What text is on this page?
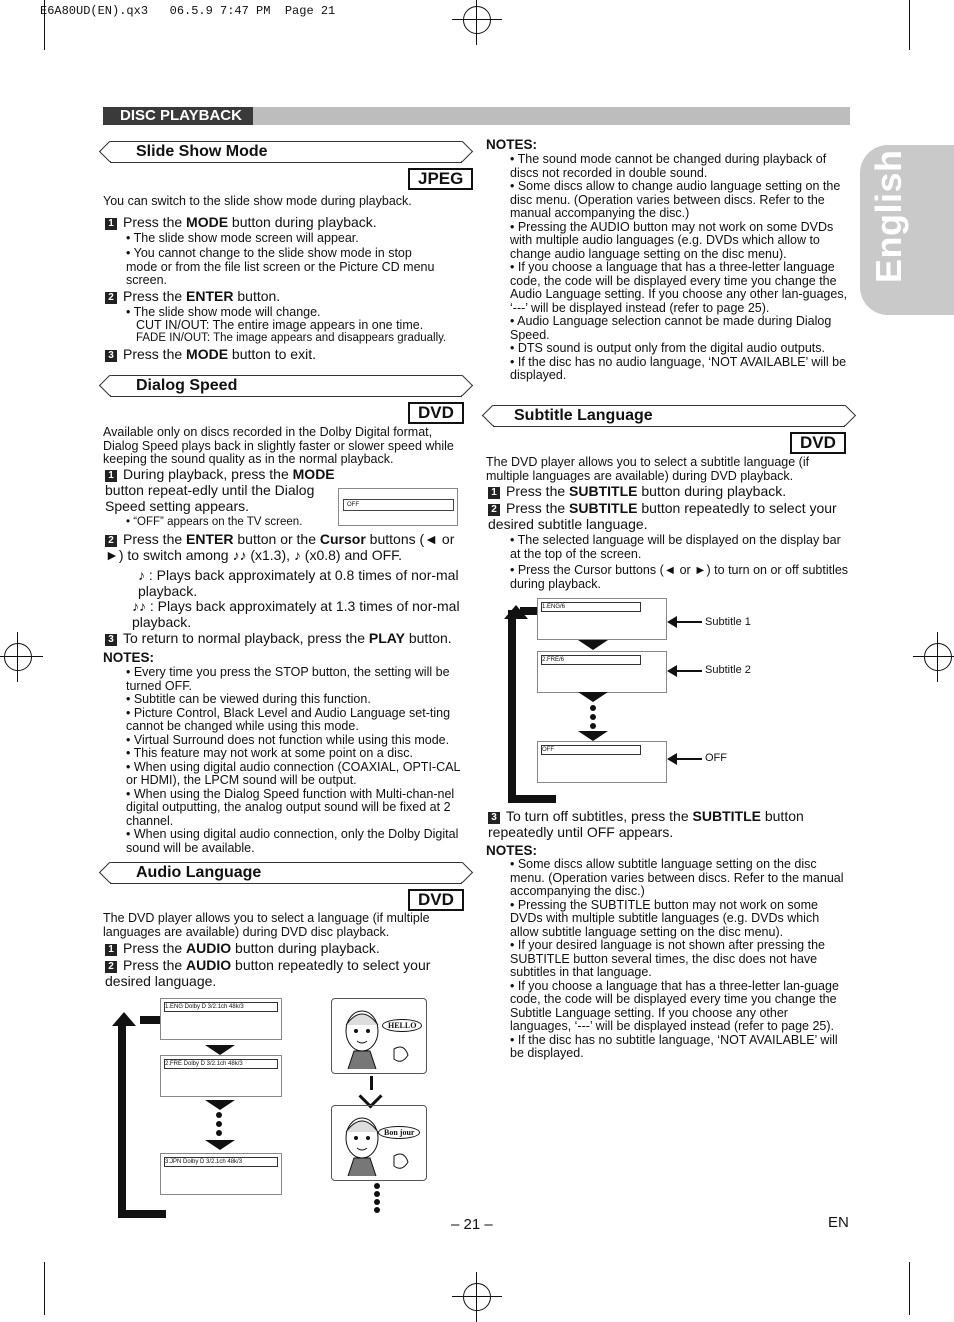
E6A80UD(EN).qx3   06.5.9 7:47 PM  Page 21
DISC PLAYBACK
English
Slide Show Mode
JPEG
You can switch to the slide show mode during playback.
1 Press the MODE button during playback.
• The slide show mode screen will appear.
• You cannot change to the slide show mode in stop mode or from the file list screen or the Picture CD menu screen.
2 Press the ENTER button.
• The slide show mode will change.
CUT IN/OUT: The entire image appears in one time.
FADE IN/OUT: The image appears and disappears gradually.
3 Press the MODE button to exit.
Dialog Speed
DVD
Available only on discs recorded in the Dolby Digital format, Dialog Speed plays back in slightly faster or slower speed while keeping the sound quality as in the normal playback.
1 During playback, press the MODE button repeat-edly until the Dialog Speed setting appears.	OFF
• “OFF” appears on the TV screen.
2 Press the ENTER button or the Cursor buttons (◄ or ►) to switch among ♪♪ (x1.3), ♪ (x0.8) and OFF.
♪ : Plays back approximately at 0.8 times of nor-mal playback.
♪♪ : Plays back approximately at 1.3 times of nor-mal playback.
3 To return to normal playback, press the PLAY button.
NOTES:
• Every time you press the STOP button, the setting will be turned OFF.
• Subtitle can be viewed during this function.
• Picture Control, Black Level and Audio Language set-ting cannot be changed while using this mode.
• Virtual Surround does not function while using this mode.
• This feature may not work at some point on a disc.
• When using digital audio connection (COAXIAL, OPTI-CAL or HDMI), the LPCM sound will be output.
• When using the Dialog Speed function with Multi-chan-nel digital outputting, the analog output sound will be fixed at 2 channel.
• When using digital audio connection, only the Dolby Digital sound will be available.
Audio Language
DVD
The DVD player allows you to select a language (if multiple languages are available) during DVD disc playback.
1 Press the AUDIO button during playback.
2 Press the AUDIO button repeatedly to select your desired language.
1.ENG Dolby D 3/2.1ch 48k/3
2.FRE Dolby D 3/2.1ch 48k/3
3.JPN Dolby D 3/2.1ch 48k/3
HELLO
Bon jour
NOTES:
• The sound mode cannot be changed during playback of discs not recorded in double sound.
• Some discs allow to change audio language setting on the disc menu. (Operation varies between discs. Refer to the manual accompanying the disc.)
• Pressing the AUDIO button may not work on some DVDs with multiple audio languages (e.g. DVDs which allow to change audio language setting on the disc menu).
• If you choose a language that has a three-letter language code, the code will be displayed every time you change the Audio Language setting. If you choose any other lan-guages, ‘---’ will be displayed instead (refer to page 25).
• Audio Language selection cannot be made during Dialog Speed.
• DTS sound is output only from the digital audio outputs.
• If the disc has no audio language, ‘NOT AVAILABLE’ will be displayed.
Subtitle Language
DVD
The DVD player allows you to select a subtitle language (if multiple languages are available) during DVD playback.
1 Press the SUBTITLE button during playback.
2 Press the SUBTITLE button repeatedly to select your desired subtitle language.
• The selected language will be displayed on the display bar at the top of the screen.
• Press the Cursor buttons (◄ or ►) to turn on or off subtitles during playback.
1.ENG/6
2.FRE/6
OFF
Subtitle 1
Subtitle 2
OFF
3 To turn off subtitles, press the SUBTITLE button repeatedly until OFF appears.
NOTES:
• Some discs allow subtitle language setting on the disc menu. (Operation varies between discs. Refer to the manual accompanying the disc.)
• Pressing the SUBTITLE button may not work on some DVDs with multiple subtitle languages (e.g. DVDs which allow subtitle language setting on the disc menu).
• If your desired language is not shown after pressing the SUBTITLE button several times, the disc does not have subtitles in that language.
• If you choose a language that has a three-letter lan-guage code, the code will be displayed every time you change the Subtitle Language setting. If you choose any other languages, ‘---’ will be displayed instead (refer to page 25).
• If the disc has no subtitle language, ‘NOT AVAILABLE’ will be displayed.
– 21 –	EN
